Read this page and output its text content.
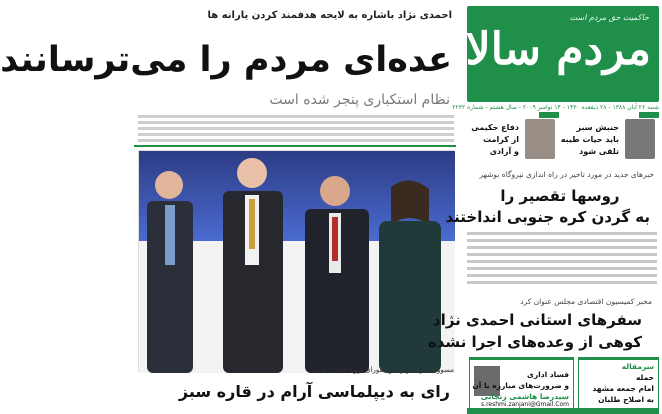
حاکمیت حق مردم است
مردم سالاری
شنبه ۲۶ آبان ۱۳۸۸ - ۲۸ ذیقعده ۱۴۳۰ - ۱۴ نوامبر ۲۰۰۹ - سال هشتم - شماره ۲۲۳۲
احمدی نژاد باشاره به لایحه هدفمند کردن یارانه ها
عده‌ای مردم را می‌ترسانند
نظام استکباری پنجر شده است
مسوول خارجه و رئیس شورای اروپا انتخاب شدند
رای به دیپلماسی آرام در قاره سبز
جنبش سبز
باید حیات طیبه
تلقی شود
دفاع حکیمی
از کرامت
و آزادی
خبرهای جدید در مورد تاخیر در راه اندازی نیروگاه بوشهر
روسها تقصیر را
به گردن کره جنوبی انداختند
مخبر کمیسیون اقتصادی مجلس عنوان کرد
سفرهای استانی احمدی نژاد
کوهی از وعده‌های اجرا نشده
فساد اداری
و ضرورت‌های مبارزه با آن
سیدرضا هاشمی زنجانی
s.reshmi.zanjani@Gmail.Com
سرمقاله
حمله
امام جمعه مشهد
به اصلاح طلبان
